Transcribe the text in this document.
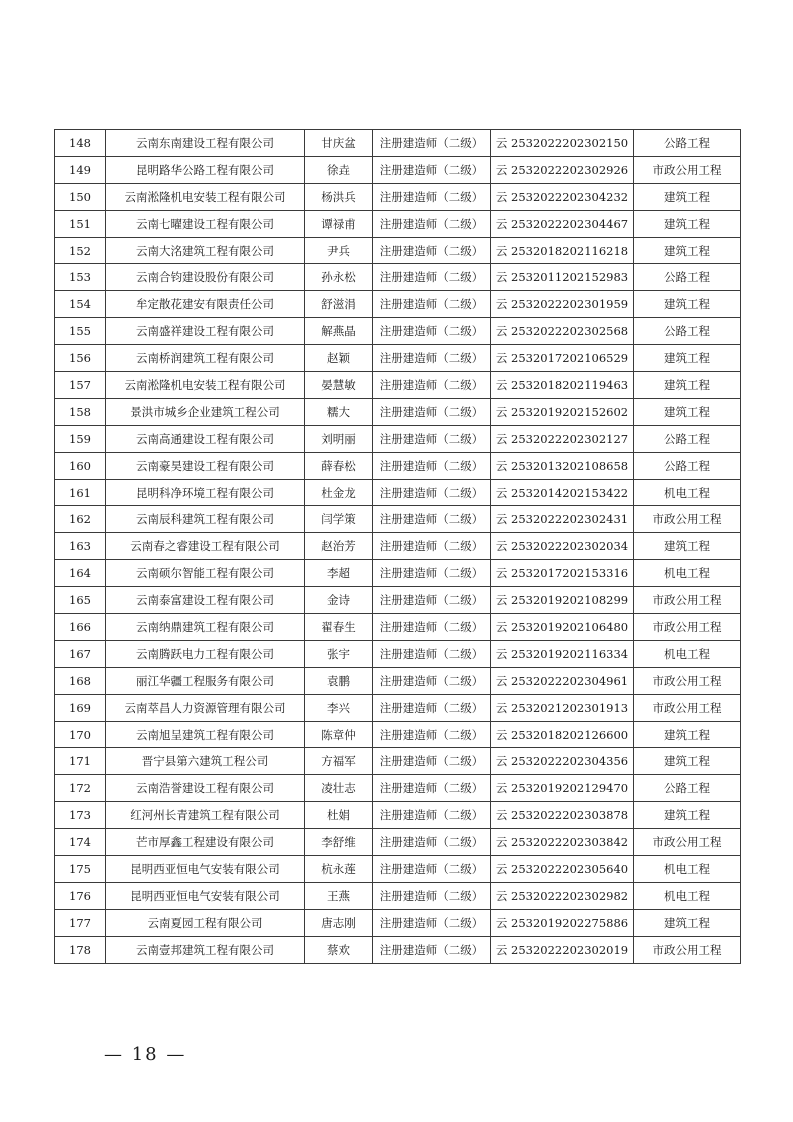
148	云南东南建设工程有限公司	甘庆盆	注册建造师（二级）	云 2532022202302150	公路工程
149	昆明路华公路工程有限公司	徐垚	注册建造师（二级）	云 2532022202302926	市政公用工程
150	云南淞隆机电安装工程有限公司	杨洪兵	注册建造师（二级）	云 2532022202304232	建筑工程
151	云南七曜建设工程有限公司	谭禄甫	注册建造师（二级）	云 2532022202304467	建筑工程
152	云南大洺建筑工程有限公司	尹兵	注册建造师（二级）	云 2532018202116218	建筑工程
153	云南合钧建设股份有限公司	孙永松	注册建造师（二级）	云 2532011202152983	公路工程
154	牟定散花建安有限责任公司	舒滋涓	注册建造师（二级）	云 2532022202301959	建筑工程
155	云南盛祥建设工程有限公司	解燕晶	注册建造师（二级）	云 2532022202302568	公路工程
156	云南桥润建筑工程有限公司	赵颖	注册建造师（二级）	云 2532017202106529	建筑工程
157	云南淞隆机电安装工程有限公司	晏慧敏	注册建造师（二级）	云 2532018202119463	建筑工程
158	景洪市城乡企业建筑工程公司	糯大	注册建造师（二级）	云 2532019202152602	建筑工程
159	云南高通建设工程有限公司	刘明丽	注册建造师（二级）	云 2532022202302127	公路工程
160	云南豪昊建设工程有限公司	薛春松	注册建造师（二级）	云 2532013202108658	公路工程
161	昆明科净环境工程有限公司	杜金龙	注册建造师（二级）	云 2532014202153422	机电工程
162	云南辰科建筑工程有限公司	闫学策	注册建造师（二级）	云 2532022202302431	市政公用工程
163	云南春之睿建设工程有限公司	赵治芳	注册建造师（二级）	云 2532022202302034	建筑工程
164	云南硕尔智能工程有限公司	李超	注册建造师（二级）	云 2532017202153316	机电工程
165	云南泰富建设工程有限公司	金诗	注册建造师（二级）	云 2532019202108299	市政公用工程
166	云南纳鼎建筑工程有限公司	翟春生	注册建造师（二级）	云 2532019202106480	市政公用工程
167	云南腾跃电力工程有限公司	张宇	注册建造师（二级）	云 2532019202116334	机电工程
168	丽江华疆工程服务有限公司	袁鹏	注册建造师（二级）	云 2532022202304961	市政公用工程
169	云南萃昌人力资源管理有限公司	李兴	注册建造师（二级）	云 2532021202301913	市政公用工程
170	云南旭呈建筑工程有限公司	陈章仲	注册建造师（二级）	云 2532018202126600	建筑工程
171	晋宁县第六建筑工程公司	方福军	注册建造师（二级）	云 2532022202304356	建筑工程
172	云南浩誉建设工程有限公司	凌壮志	注册建造师（二级）	云 2532019202129470	公路工程
173	红河州长青建筑工程有限公司	杜娟	注册建造师（二级）	云 2532022202303878	建筑工程
174	芒市厚鑫工程建设有限公司	李舒维	注册建造师（二级）	云 2532022202303842	市政公用工程
175	昆明西亚恒电气安装有限公司	杭永莲	注册建造师（二级）	云 2532022202305640	机电工程
176	昆明西亚恒电气安装有限公司	王燕	注册建造师（二级）	云 2532022202302982	机电工程
177	云南夏园工程有限公司	唐志刚	注册建造师（二级）	云 2532019202275886	建筑工程
178	云南壹邦建筑工程有限公司	蔡欢	注册建造师（二级）	云 2532022202302019	市政公用工程
— 18 —
